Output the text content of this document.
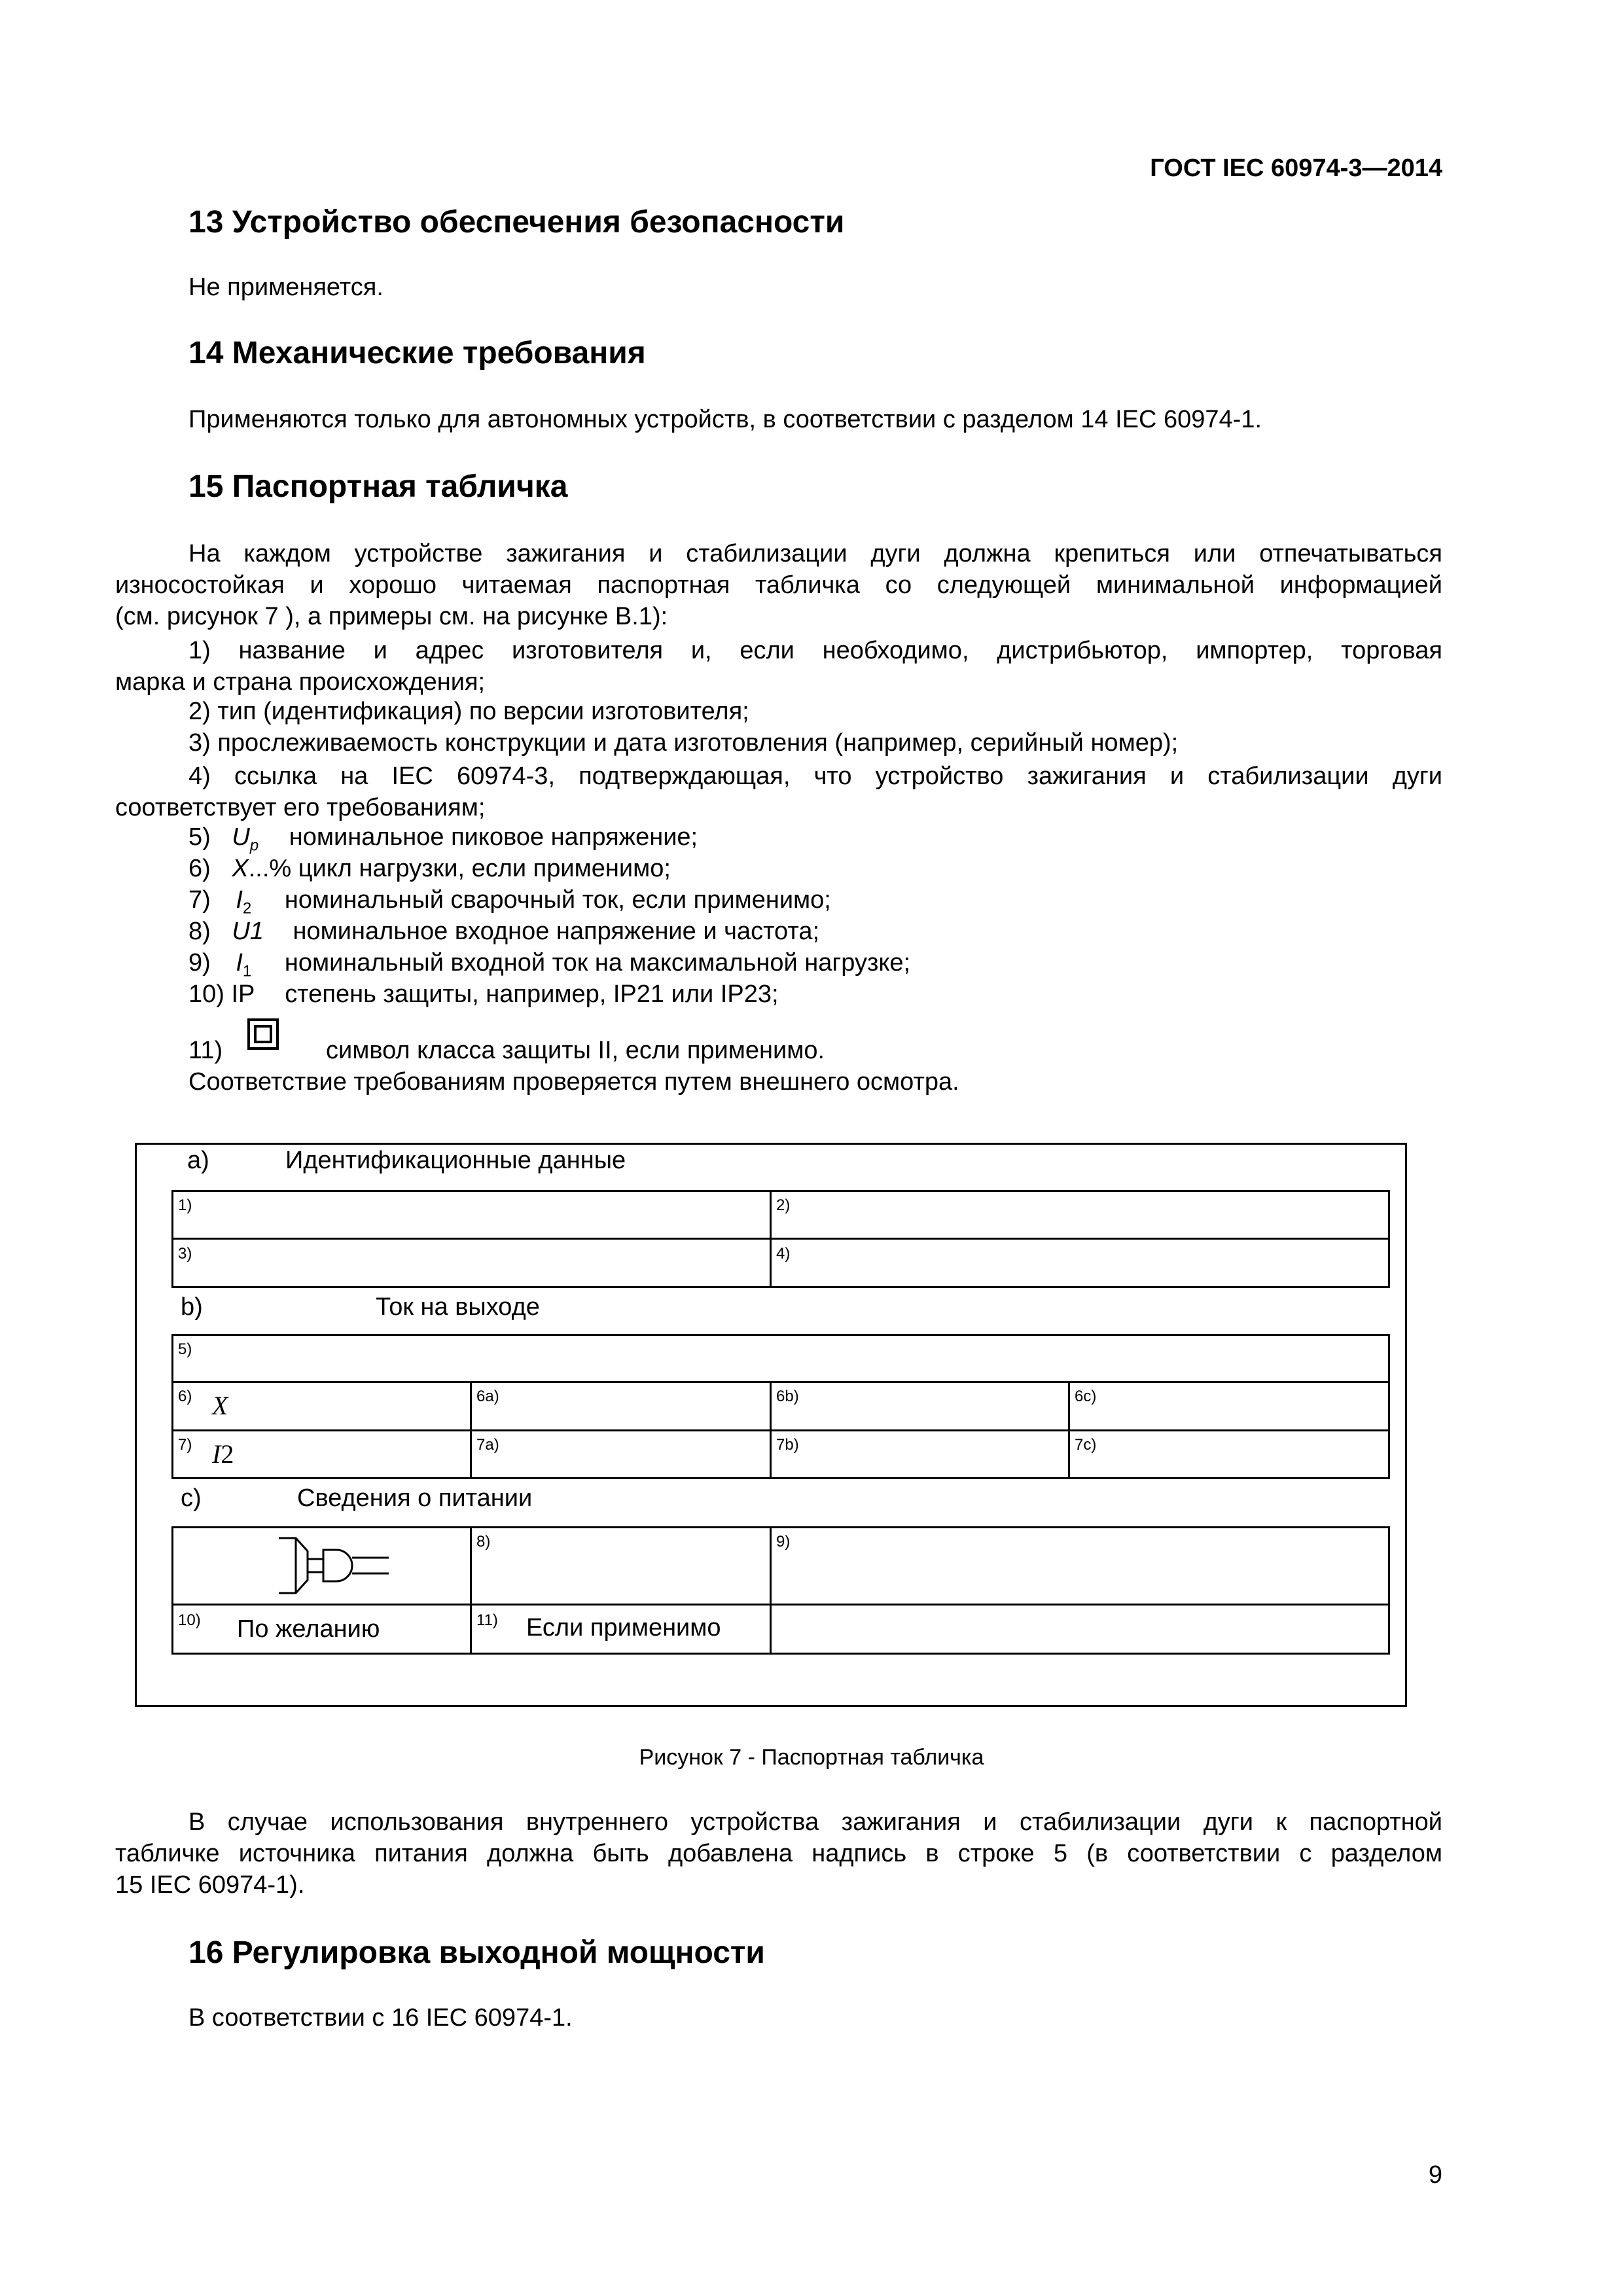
ГОСТ IEC 60974-3—2014
13 Устройство обеспечения безопасности
Не применяется.
14 Механические требования
Применяются только для автономных устройств, в соответствии с разделом 14 IEC 60974-1.
15 Паспортная табличка
На каждом устройстве зажигания и стабилизации дуги должна крепиться или отпечатываться
износостойкая и хорошо читаемая паспортная табличка со следующей минимальной информацией
(см. рисунок 7 ), а примеры см. на рисунке В.1):
1) название и адрес изготовителя и, если необходимо, дистрибьютор, импортер, торговая
марка и страна происхождения;
2) тип (идентификация) по версии изготовителя;
3) прослеживаемость конструкции и дата изготовления (например, серийный номер);
4) ссылка на IEC 60974-3, подтверждающая, что устройство зажигания и стабилизации дуги
соответствует его требованиям;
5) $U_p$ номинальное пиковое напряжение;
6) X...% цикл нагрузки, если применимо;
7) $I_2$ номинальный сварочный ток, если применимо;
8) U1 номинальное входное напряжение и частота;
9) $I_1$ номинальный входной ток на максимальной нагрузке;
10) IP степень защиты, например, IP21 или IP23;
11)	символ класса защиты II, если применимо.
Соответствие требованиям проверяется путем внешнего осмотра.
a)	Идентификационные данные
1)	2)
3)	4)
b)	Ток на выходе
5)
6) X	6a)	6b)	6c)
7) I2	7a)	7b)	7c)
c)	Сведения о питании
8)	9)
10) По желанию	11) Если применимо
Рисунок 7 - Паспортная табличка
В случае использования внутреннего устройства зажигания и стабилизации дуги к паспортной
табличке источника питания должна быть добавлена надпись в строке 5 (в соответствии с разделом
15 IEC 60974-1).
16 Регулировка выходной мощности
В соответствии с 16 IEC 60974-1.
9
